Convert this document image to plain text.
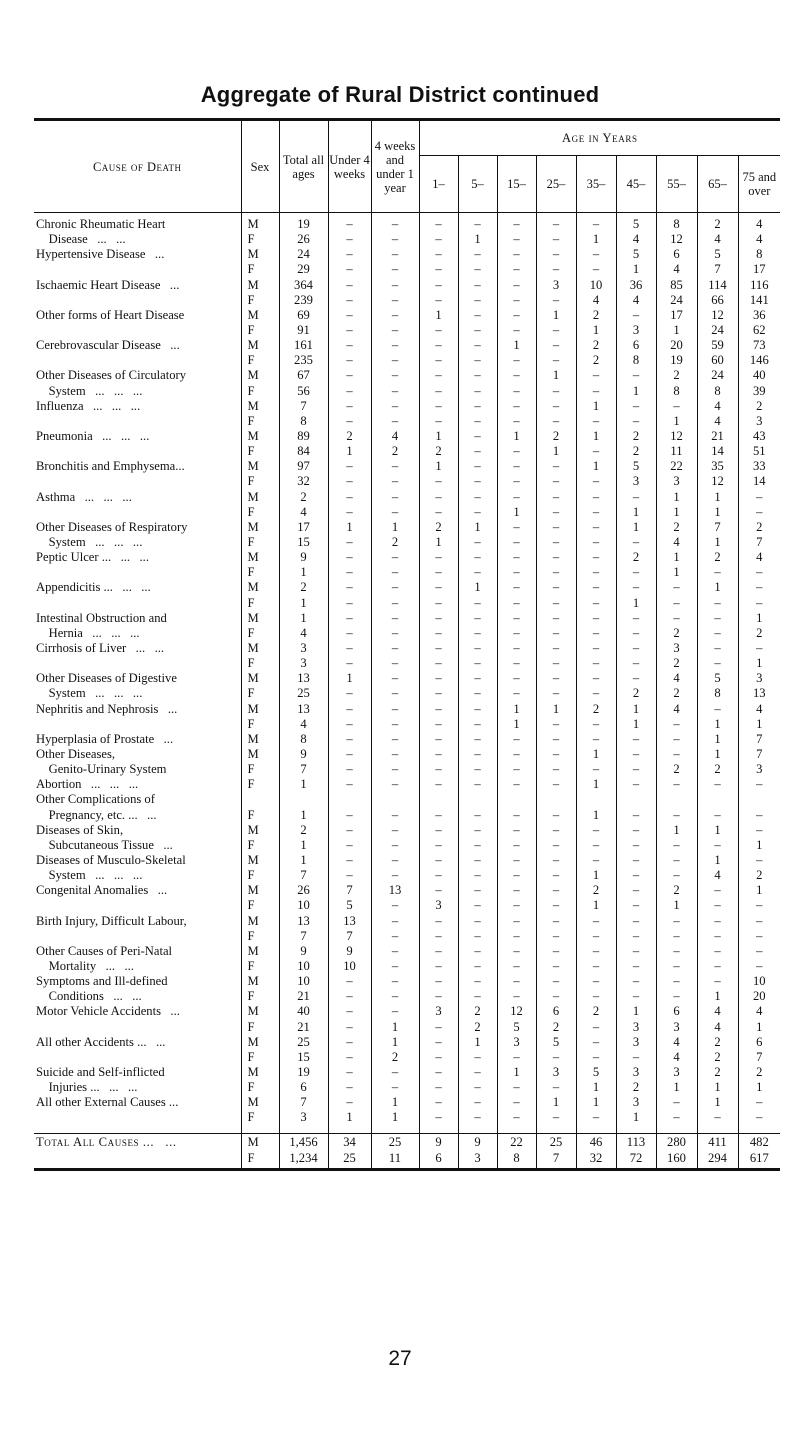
Aggregate of Rural District continued
Cause of Death	Sex	Total all ages	Under 4 weeks	4 weeks and under 1 year	Age in Years								
					1–	5–	15–	25–	35–	45–	55–	65–	75 and over

Chronic Rheumatic Heart	M	19	–	–	–	–	–	–	–	5	8	2	4
Disease   ...   ...	F	26	–	–	–	1	–	–	1	4	12	4	4
Hypertensive Disease   ...	M	24	–	–	–	–	–	–	–	5	6	5	8
	F	29	–	–	–	–	–	–	–	1	4	7	17
Ischaemic Heart Disease   ...	M	364	–	–	–	–	–	3	10	36	85	114	116
	F	239	–	–	–	–	–	–	4	4	24	66	141
Other forms of Heart Disease	M	69	–	–	1	–	–	1	2	–	17	12	36
	F	91	–	–	–	–	–	–	1	3	1	24	62
Cerebrovascular Disease   ...	M	161	–	–	–	–	1	–	2	6	20	59	73
	F	235	–	–	–	–	–	–	2	8	19	60	146
Other Diseases of Circulatory	M	67	–	–	–	–	–	1	–	–	2	24	40
System   ...   ...   ...	F	56	–	–	–	–	–	–	–	1	8	8	39
Influenza   ...   ...   ...	M	7	–	–	–	–	–	–	1	–	–	4	2
	F	8	–	–	–	–	–	–	–	–	1	4	3
Pneumonia   ...   ...   ...	M	89	2	4	1	–	1	2	1	2	12	21	43
	F	84	1	2	2	–	–	1	–	2	11	14	51
Bronchitis and Emphysema...	M	97	–	–	1	–	–	–	1	5	22	35	33
	F	32	–	–	–	–	–	–	–	3	3	12	14
Asthma   ...   ...   ...	M	2	–	–	–	–	–	–	–	–	1	1	–
	F	4	–	–	–	–	1	–	–	1	1	1	–
Other Diseases of Respiratory	M	17	1	1	2	1	–	–	–	1	2	7	2
System   ...   ...   ...	F	15	–	2	1	–	–	–	–	–	4	1	7
Peptic Ulcer ...   ...   ...	M	9	–	–	–	–	–	–	–	2	1	2	4
	F	1	–	–	–	–	–	–	–	–	1	–	–
Appendicitis ...   ...   ...	M	2	–	–	–	1	–	–	–	–	–	1	–
	F	1	–	–	–	–	–	–	–	1	–	–	–
Intestinal Obstruction and	M	1	–	–	–	–	–	–	–	–	–	–	1
Hernia   ...   ...   ...	F	4	–	–	–	–	–	–	–	–	2	–	2
Cirrhosis of Liver   ...   ...	M	3	–	–	–	–	–	–	–	–	3	–	–
	F	3	–	–	–	–	–	–	–	–	2	–	1
Other Diseases of Digestive	M	13	1	–	–	–	–	–	–	–	4	5	3
System   ...   ...   ...	F	25	–	–	–	–	–	–	–	2	2	8	13
Nephritis and Nephrosis   ...	M	13	–	–	–	–	1	1	2	1	4	–	4
	F	4	–	–	–	–	1	–	–	1	–	1	1
Hyperplasia of Prostate   ...	M	8	–	–	–	–	–	–	–	–	–	1	7
Other Diseases,	M	9	–	–	–	–	–	–	1	–	–	1	7
Genito-Urinary System	F	7	–	–	–	–	–	–	–	–	2	2	3
Abortion   ...   ...   ...	F	1	–	–	–	–	–	–	1	–	–	–	–
Other Complications of													
Pregnancy, etc. ...   ...	F	1	–	–	–	–	–	–	1	–	–	–	–
Diseases of Skin,	M	2	–	–	–	–	–	–	–	–	1	1	–
Subcutaneous Tissue   ...	F	1	–	–	–	–	–	–	–	–	–	–	1
Diseases of Musculo-Skeletal	M	1	–	–	–	–	–	–	–	–	–	1	–
System   ...   ...   ...	F	7	–	–	–	–	–	–	1	–	–	4	2
Congenital Anomalies   ...	M	26	7	13	–	–	–	–	2	–	2	–	1
	F	10	5	–	3	–	–	–	1	–	1	–	–
Birth Injury, Difficult Labour,	M	13	13	–	–	–	–	–	–	–	–	–	–
	F	7	7	–	–	–	–	–	–	–	–	–	–
Other Causes of Peri-Natal	M	9	9	–	–	–	–	–	–	–	–	–	–
Mortality   ...   ...	F	10	10	–	–	–	–	–	–	–	–	–	–
Symptoms and Ill-defined	M	10	–	–	–	–	–	–	–	–	–	–	10
Conditions   ...   ...	F	21	–	–	–	–	–	–	–	–	–	1	20
Motor Vehicle Accidents   ...	M	40	–	–	3	2	12	6	2	1	6	4	4
	F	21	–	1	–	2	5	2	–	3	3	4	1
All other Accidents ...   ...	M	25	–	1	–	1	3	5	–	3	4	2	6
	F	15	–	2	–	–	–	–	–	–	4	2	7
Suicide and Self-inflicted	M	19	–	–	–	–	1	3	5	3	3	2	2
Injuries ...   ...   ...	F	6	–	–	–	–	–	–	1	2	1	1	1
All other External Causes ...	M	7	–	1	–	–	–	1	1	3	–	1	–
	F	3	1	1	–	–	–	–	–	1	–	–	–

Total All Causes ...   ...	M	1,456	34	25	9	9	22	25	46	113	280	411	482
	F	1,234	25	11	6	3	8	7	32	72	160	294	617
27
